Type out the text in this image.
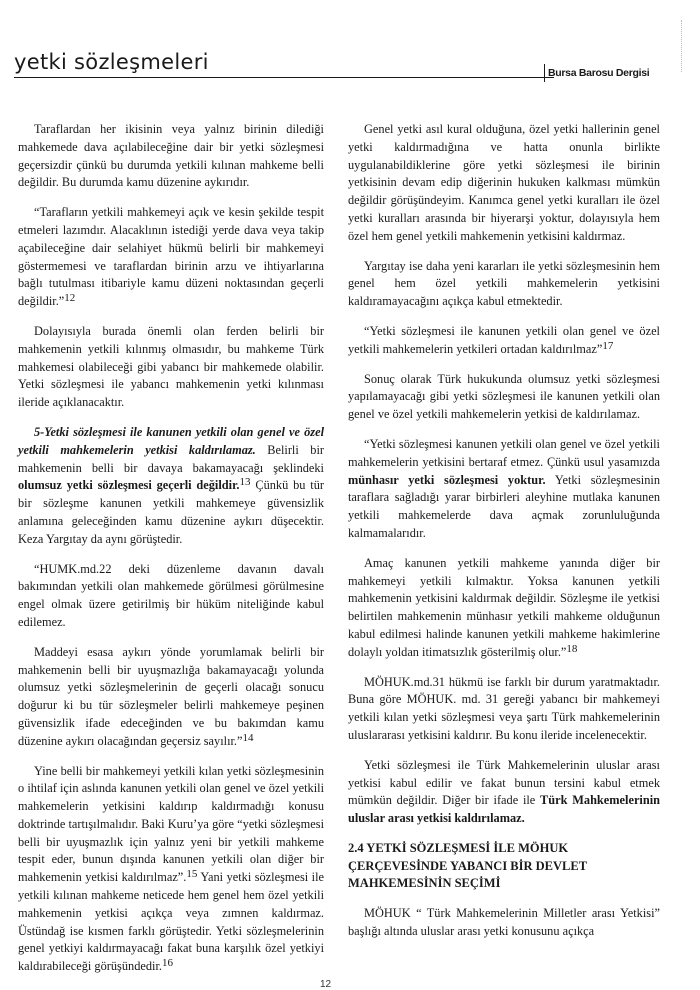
yetki sözleşmeleri	Bursa Barosu Dergisi

Taraflardan her ikisinin veya yalnız birinin dilediği mahkemede dava açılabileceğine dair bir yetki sözleşmesi geçersizdir çünkü bu durumda yetkili kılınan mahkeme belli değildir. Bu durumda kamu düzenine aykırıdır.

“Tarafların yetkili mahkemeyi açık ve kesin şekilde tespit etmeleri lazımdır. Alacaklının istediği yerde dava veya takip açabileceğine dair selahiyet hükmü belirli bir mahkemeyi göstermemesi ve taraflardan birinin arzu ve ihtiyarlarına bağlı tutulması itibariyle kamu düzeni noktasından geçerli değildir.”$^{12}$

Dolayısıyla burada önemli olan ferden belirli bir mahkemenin yetkili kılınmış olmasıdır, bu mahkeme Türk mahkemesi olabileceği gibi yabancı bir mahkemede olabilir. Yetki sözleşmesi ile yabancı mahkemenin yetki kılınması ileride açıklanacaktır.

5-Yetki sözleşmesi ile kanunen yetkili olan genel ve özel yetkili mahkemelerin yetkisi kaldırılamaz. Belirli bir mahkemenin belli bir davaya bakamayacağı şeklindeki olumsuz yetki sözleşmesi geçerli değildir.$^{13}$ Çünkü bu tür bir sözleşme kanunen yetkili mahkemeye güvensizlik anlamına geleceğinden kamu düzenine aykırı düşecektir. Keza Yargıtay da aynı görüştedir.

“HUMK.md.22 deki düzenleme davanın davalı bakımından yetkili olan mahkemede görülmesi görülmesine engel olmak üzere getirilmiş bir hüküm niteliğinde kabul edilemez.

Maddeyi esasa aykırı yönde yorumlamak belirli bir mahkemenin belli bir uyuşmazlığa bakamayacağı yolunda olumsuz yetki sözleşmelerinin de geçerli olacağı sonucu doğurur ki bu tür sözleşmeler belirli mahkemeye peşinen güvensizlik ifade edeceğinden ve bu bakımdan kamu düzenine aykırı olacağından geçersiz sayılır.”$^{14}$

Yine belli bir mahkemeyi yetkili kılan yetki sözleşmesinin o ihtilaf için aslında kanunen yetkili olan genel ve özel yetkili mahkemelerin yetkisini kaldırıp kaldırmadığı konusu doktrinde tartışılmalıdır. Baki Kuru’ya göre “yetki sözleşmesi belli bir uyuşmazlık için yalnız yeni bir yetkili mahkeme tespit eder, bunun dışında kanunen yetkili olan diğer bir mahkemenin yetkisi kaldırılmaz”.$^{15}$ Yani yetki sözleşmesi ile yetkili kılınan mahkeme neticede hem genel hem özel yetkili mahkemenin yetkisi açıkça veya zımnen kaldırmaz. Üstündağ ise kısmen farklı görüştedir. Yetki sözleşmelerinin genel yetkiyi kaldırmayacağı fakat buna karşılık özel yetkiyi kaldırabileceği görüşündedir.$^{16}$

Genel yetki asıl kural olduğuna, özel yetki hallerinin genel yetki kaldırmadığına ve hatta onunla birlikte uygulanabildiklerine göre yetki sözleşmesi ile birinin yetkisinin devam edip diğerinin hukuken kalkması mümkün değildir görüşündeyim. Kanımca genel yetki kuralları ile özel yetki kuralları arasında bir hiyerarşi yoktur, dolayısıyla hem özel hem genel yetkili mahkemenin yetkisini kaldırmaz.

Yargıtay ise daha yeni kararları ile yetki sözleşmesinin hem genel hem özel yetkili mahkemelerin yetkisini kaldıramayacağını açıkça kabul etmektedir.

“Yetki sözleşmesi ile kanunen yetkili olan genel ve özel yetkili mahkemelerin yetkileri ortadan kaldırılmaz”$^{17}$

Sonuç olarak Türk hukukunda olumsuz yetki sözleşmesi yapılamayacağı gibi yetki sözleşmesi ile kanunen yetkili olan genel ve özel yetkili mahkemelerin yetkisi de kaldırılamaz.

“Yetki sözleşmesi kanunen yetkili olan genel ve özel yetkili mahkemelerin yetkisini bertaraf etmez. Çünkü usul yasamızda münhasır yetki sözleşmesi yoktur. Yetki sözleşmesinin taraflara sağladığı yarar birbirleri aleyhine mutlaka kanunen yetkili mahkemelerde dava açmak zorunluluğunda kalmamalarıdır.

Amaç kanunen yetkili mahkeme yanında diğer bir mahkemeyi yetkili kılmaktır. Yoksa kanunen yetkili mahkemenin yetkisini kaldırmak değildir. Sözleşme ile yetkisi belirtilen mahkemenin münhasır yetkili mahkeme olduğunun kabul edilmesi halinde kanunen yetkili mahkeme hakimlerine dolaylı yoldan itimatsızlık gösterilmiş olur.”$^{18}$

MÖHUK.md.31 hükmü ise farklı bir durum yaratmaktadır. Buna göre MÖHUK. md. 31 gereği yabancı bir mahkemeyi yetkili kılan yetki sözleşmesi veya şartı Türk mahkemelerinin uluslararası yetkisini kaldırır. Bu konu ileride incelenecektir.

Yetki sözleşmesi ile Türk Mahkemelerinin uluslar arası yetkisi kabul edilir ve fakat bunun tersini kabul etmek mümkün değildir. Diğer bir ifade ile Türk Mahkemelerinin uluslar arası yetkisi kaldırılamaz.

2.4 YETKİ SÖZLEŞMESİ İLE MÖHUK ÇERÇEVESİNDE YABANCI BİR DEVLET MAHKEMESİNİN SEÇİMİ

MÖHUK “ Türk Mahkemelerinin Milletler arası Yetkisi” başlığı altında uluslar arası yetki konusunu açıkça

12
